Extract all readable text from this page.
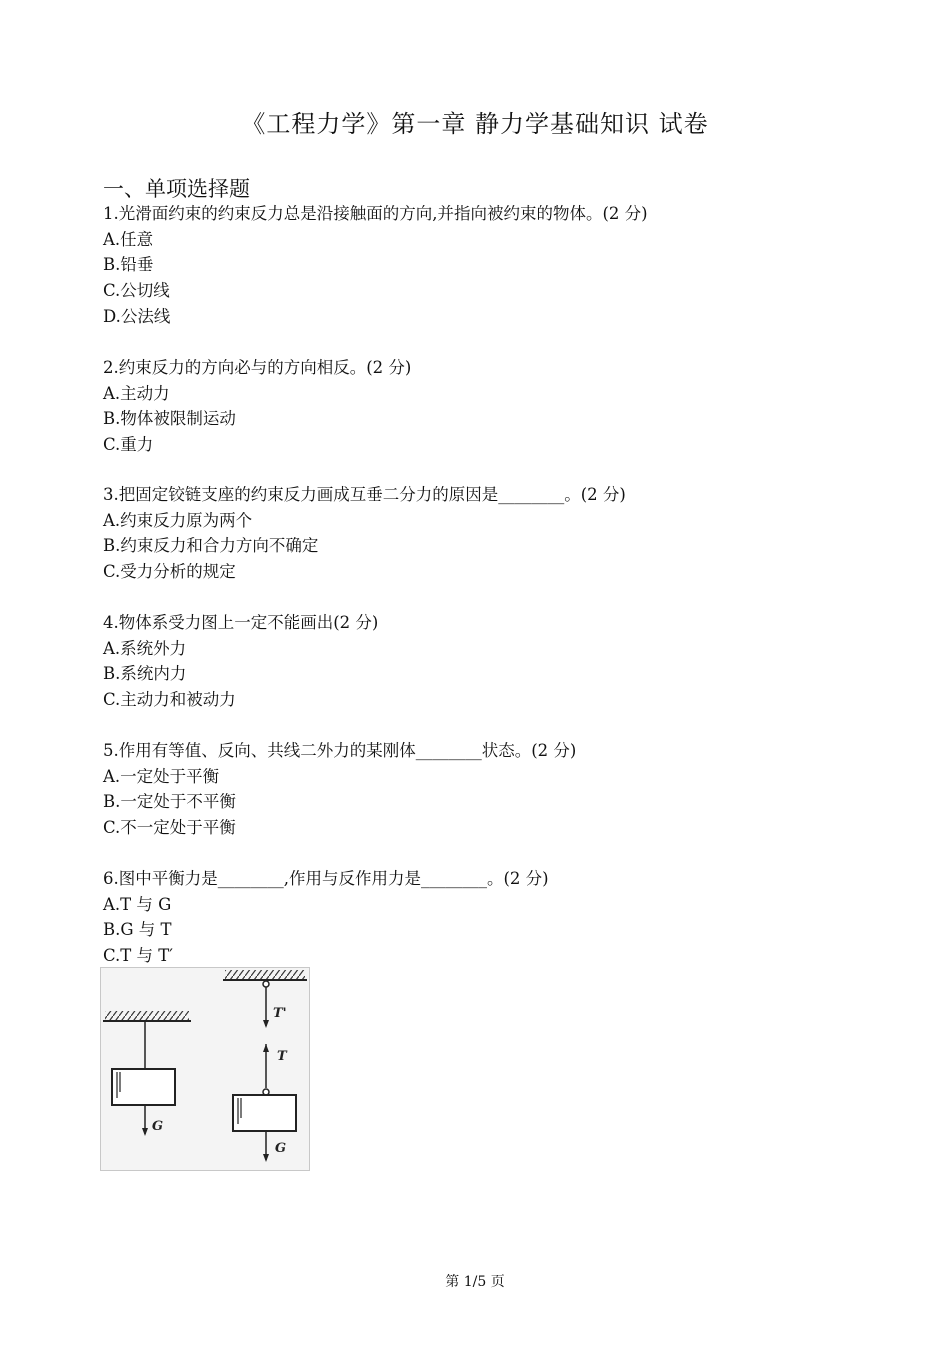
《工程力学》第一章 静力学基础知识 试卷
一、单项选择题
1.光滑面约束的约束反力总是沿接触面的方向,并指向被约束的物体。(2 分)
A.任意
B.铅垂
C.公切线
D.公法线
2.约束反力的方向必与的方向相反。(2 分)
A.主动力
B.物体被限制运动
C.重力
3.把固定铰链支座的约束反力画成互垂二分力的原因是________。(2 分)
A.约束反力原为两个
B.约束反力和合力方向不确定
C.受力分析的规定
4.物体系受力图上一定不能画出(2 分)
A.系统外力
B.系统内力
C.主动力和被动力
5.作用有等值、反向、共线二外力的某刚体________状态。(2 分)
A.一定处于平衡
B.一定处于不平衡
C.不一定处于平衡
6.图中平衡力是________,作用与反作用力是________。(2 分)
A.T 与 G
B.G 与 T
C.T 与 T′
G
T'
T
G
第 1/5 页
